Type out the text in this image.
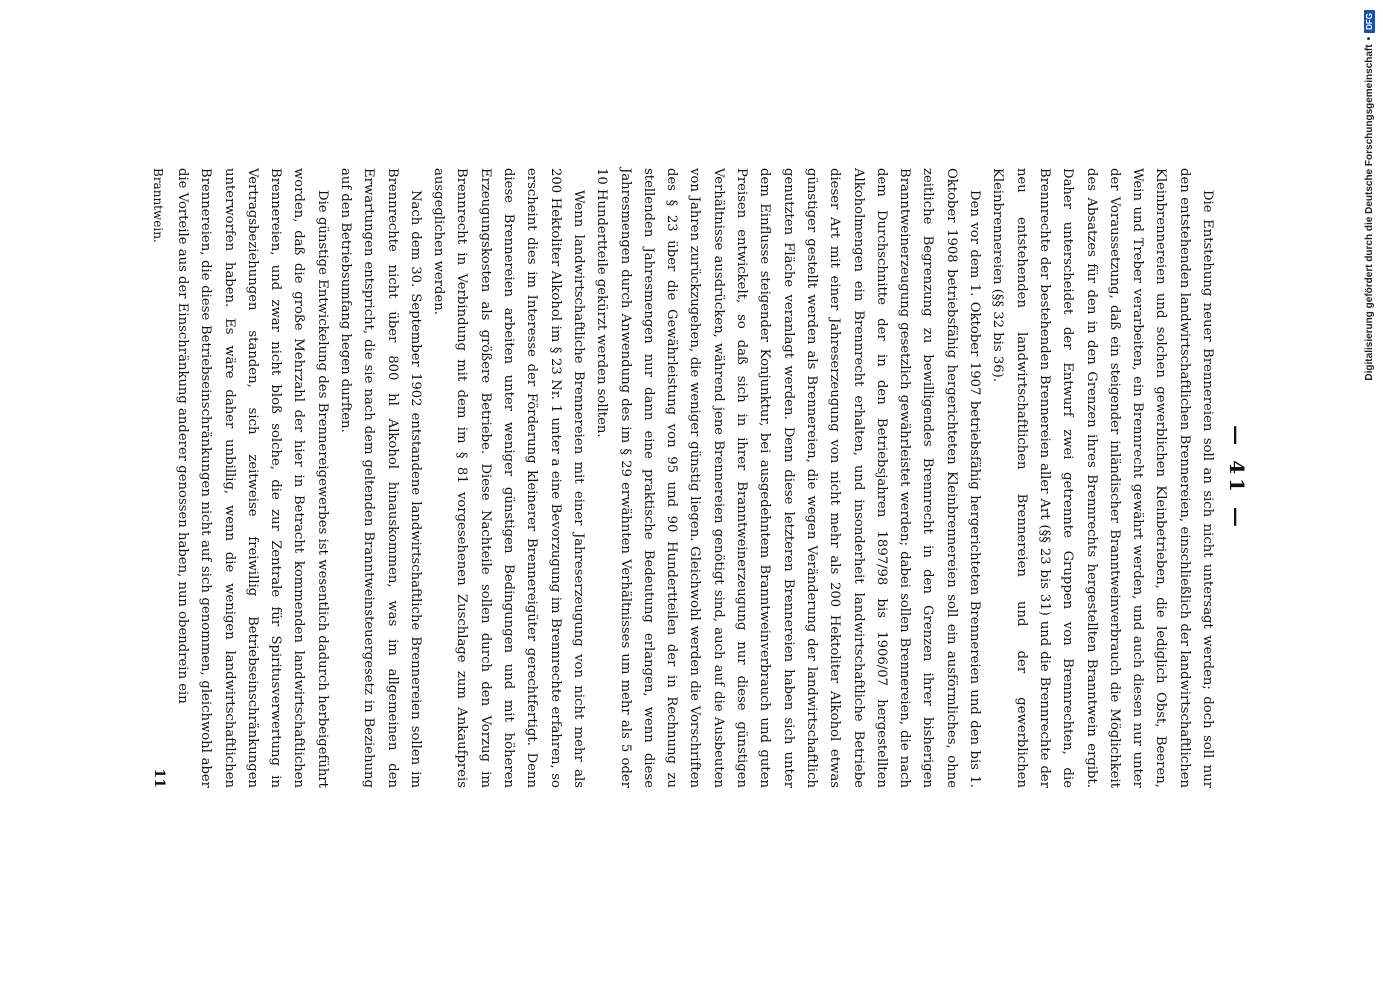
— 41 —

Die Entstehung neuer Brennereien soll an sich nicht untersagt werden; doch soll nur den entstehenden landwirtschaftlichen Brennereien, einschließlich der landwirtschaftlichen Kleinbrennereien und solchen gewerblichen Kleinbetrieben, die lediglich Obst, Beeren, Wein und Treber verarbeiten, ein Brennrecht gewährt werden, und auch diesen nur unter der Voraussetzung, daß ein steigender inländischer Branntweinverbrauch die Möglichkeit des Absatzes für den in den Grenzen ihres Brennrechts hergestellten Branntwein ergibt. Daher unterscheidet der Entwurf zwei getrennte Gruppen von Brennrechten, die Brennrechte der bestehenden Brennereien aller Art (§§ 23 bis 31) und die Brennrechte der neu entstehenden landwirtschaftlichen Brennereien und der gewerblichen Kleinbrennereien (§§ 32 bis 36).

Den vor dem 1. Oktober 1907 betriebsfähig hergerichteten Brennereien und den bis 1. Oktober 1908 betriebsfähig hergerichteten Kleinbrennereien soll ein ausförmliches, ohne zeitliche Begrenzung zu bewilligendes Brennrecht in den Grenzen ihrer bisherigen Branntweinerzeugung gesetzlich gewährleistet werden; dabei sollen Brennereien, die nach dem Durchschnitte der in den Betriebsjahren 1897/98 bis 1906/07 hergestellten Alkoholmengen ein Brennrecht erhalten, und insonderheit landwirtschaftliche Betriebe dieser Art mit einer Jahreserzeugung von nicht mehr als 200 Hektoliter Alkohol etwas günstiger gestellt werden als Brennereien, die wegen Veränderung der landwirtschaftlich genutzten Fläche veranlagt werden. Denn diese letzteren Brennereien haben sich unter dem Einflusse steigender Konjunktur, bei ausgedehntem Branntweinverbrauch und guten Preisen entwickelt, so daß sich in ihrer Branntweinerzeugung nur diese günstigen Verhältnisse ausdrücken, während jene Brennereien genötigt sind, auch auf die Ausbeuten von Jahren zurückzugehen, die weniger günstig liegen. Gleichwohl werden die Vorschriften des § 23 über die Gewährleistung von 95 und 90 Hundertteilen der in Rechnung zu stellenden Jahresmengen nur dann eine praktische Bedeutung erlangen, wenn diese Jahresmengen durch Anwendung des im § 29 erwähnten Verhältnisses um mehr als 5 oder 10 Hundertteile gekürzt werden sollten.

Wenn landwirtschaftliche Brennereien mit einer Jahreserzeugung von nicht mehr als 200 Hektoliter Alkohol im § 23 Nr. 1 unter a eine Bevorzugung im Brennrechte erfahren, so erscheint dies im Interesse der Förderung kleinerer Brennereigüter gerechtfertigt. Denn diese Brennereien arbeiten unter weniger günstigen Bedingungen und mit höheren Erzeugungskosten als größere Betriebe. Diese Nachteile sollen durch den Vorzug im Brennrecht in Verbindung mit dem im § 81 vorgesehenen Zuschlage zum Ankaufpreis ausgeglichen werden.

Nach dem 30. September 1902 entstandene landwirtschaftliche Brennereien sollen im Brennrechte nicht über 800 hl Alkohol hinauskommen, was im allgemeinen den Erwartungen entspricht, die sie nach dem geltenden Branntweinsteuergesetz in Beziehung auf den Betriebsumfang hegen durften.

Die günstige Entwickelung des Brennereigewerbes ist wesentlich dadurch herbeigeführt worden, daß die große Mehrzahl der hier in Betracht kommenden landwirtschaftlichen Brennereien, und zwar nicht bloß solche, die zur Zentrale für Spiritusverwertung in Vertragsbeziehungen standen, sich zeitweise freiwillig Betriebseinschränkungen unterworfen haben. Es wäre daher unbillig, wenn die wenigen landwirtschaftlichen Brennereien, die diese Betriebseinschränkungen nicht auf sich genommen, gleichwohl aber die Vorteile aus der Einschränkung anderer genossen haben, nun obendrein ein

Branntwein.
11
Digitalisierung gefördert durch die Deutsche Forschungsgemeinschaft
•
DFG
